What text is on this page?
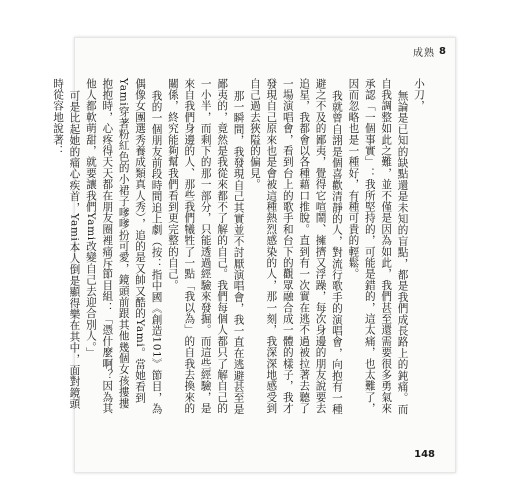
成熟 8

小刀，

無論是已知的缺點還是未知的盲點，都是我們成長路上的鈍痛。而自我調整如此之難，並不僅是因為如此，我們甚至還需要很多勇氣來承認「一個事實」：我所堅持的，可能是錯的，這太痛，也太難了，因而忽略也是一種好，有種可貴的輕鬆。

我就曾自詡是個喜歡清靜的人，對流行歌手的演唱會，向抱有一種避之不及的鄙夷，覺得它喧鬧、擁擠又浮躁，每次身邊的朋友說要去追星，我都會以各種藉口推脫。直到有一次實在逃不過被拉著去聽了一場演唱會，看到台上的歌手和台下的觀眾融合成一體的樣子，我才發現自己原來也是會被這種熱烈感染的人，那一刻，我深深地感受到自己過去狹隘的偏見。

那一瞬間，我發現自己其實並不討厭演唱會，我一直在逃避甚至是鄙夷的，竟然是我從來都不了解的自己。我們每個人都只了解自己的一小半，而剩下的那一部分，只能透過經驗來發掘。而這些經驗，是來自我們身邊的人、那些我們犧牲了一點「我以為」的自我去換來的關係，終究能夠幫我們看到更完整的自己。

我的一個朋友前段時間追上劇（按：指中國《創造101》節目，為偶像女團選秀養成類真人秀），追的是又帥又酷的Yami。當她看到Yami穿著粉紅色的小裙子嗲嗲扮可愛，鏡頭前跟其他幾個女孩摟摟抱抱時，心疼得天天都在朋友圈裡痛斥節目組：「憑什麼啊？因為其他人都軟萌甜，就要讓我們Yami改變自己去迎合別人。」

可是比起她的痛心疾首，Yami本人倒是顯得樂在其中，面對鏡頭時從容地說著：

148
